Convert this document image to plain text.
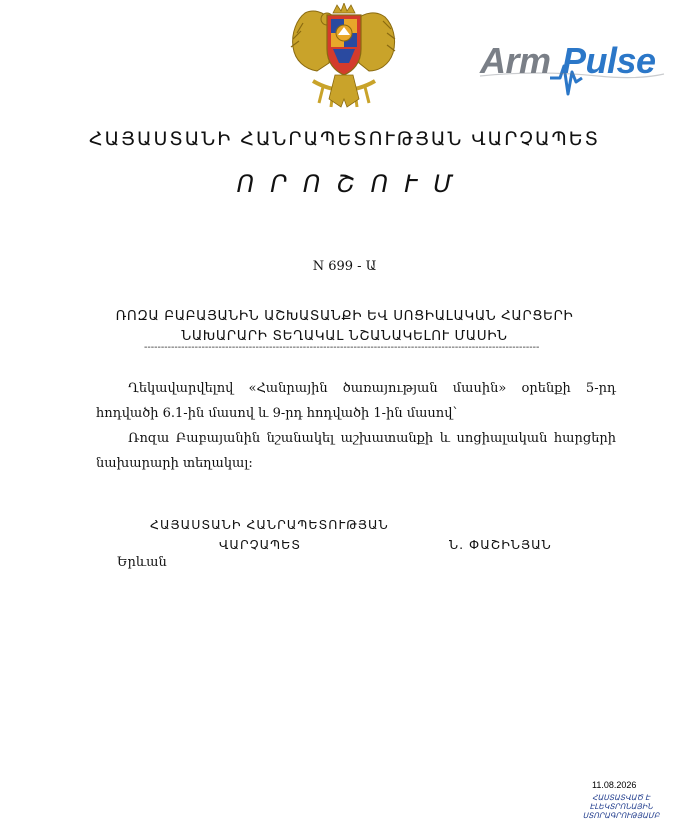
Arm Pulse
ՀԱՅԱՍՏԱՆԻ ՀԱՆՐԱՊԵՏՈՒԹՅԱՆ ՎԱՐՉԱՊԵՏ
ՈՐՈՇՈՒՄ
N 699 - Ա
ՌՈԶԱ ԲԱԲԱՅԱՆԻՆ ԱՇԽԱՏԱՆՔԻ ԵՎ ՍՈՑԻԱԼԱԿԱՆ ՀԱՐՑԵՐԻ
ՆԱԽԱՐԱՐԻ ՏԵՂԱԿԱԼ ՆՇԱՆԱԿԵԼՈՒ ՄԱՍԻՆ
---------------------------------------------------------------------------------------------------------------------
Ղեկավարվելով «Հանրային ծառայության մասին» օրենքի 5-րդ հոդվածի 6.1-ին մասով և 9-րդ հոդվածի 1-ին մասով՝
Ռոզա Բաբայանին նշանակել աշխատանքի և սոցիալական հարցերի նախարարի տեղակալ:
ՀԱՅԱՍՏԱՆԻ ՀԱՆՐԱՊԵՏՈՒԹՅԱՆ
ՎԱՐՉԱՊԵՏ	Ն. ՓԱՇԻՆՅԱՆ
Երևան
11.08.2026
ՀԱՍՏԱՏՎԱԾ Է
ԷԼԵԿՏՐՈՆԱՅԻՆ
ՍՏՈՐԱԳՐՈՒԹՅԱՄԲ
